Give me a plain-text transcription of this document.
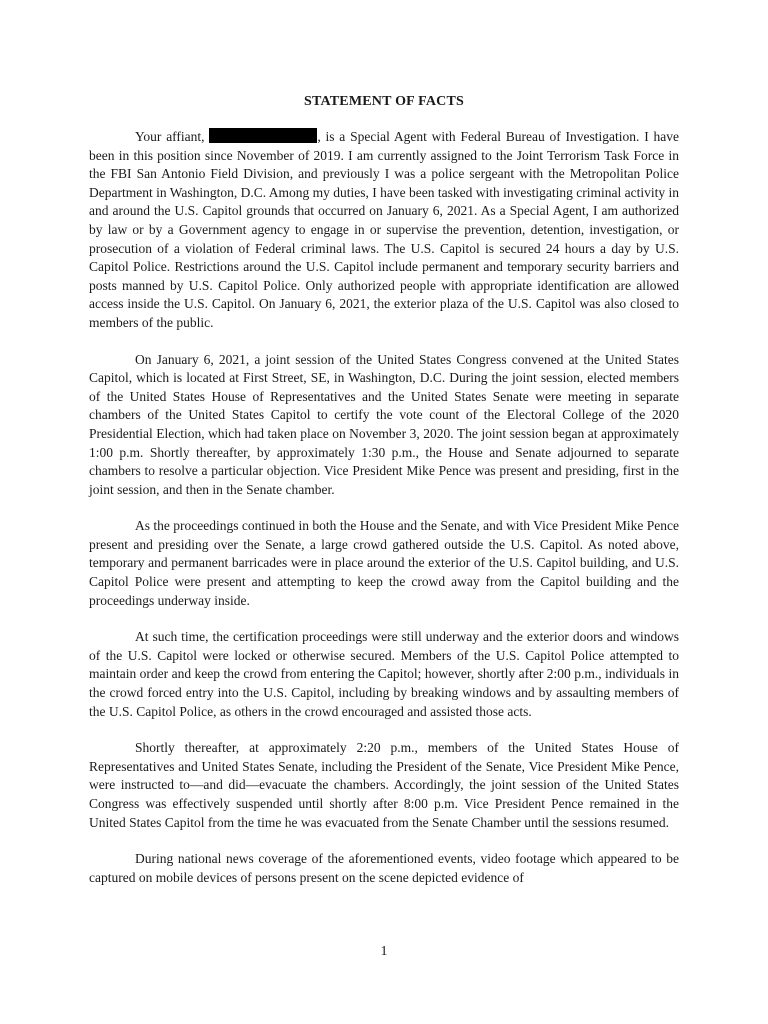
STATEMENT OF FACTS

Your affiant,	, is a Special Agent with Federal Bureau of Investigation. I have been in this position since November of 2019. I am currently assigned to the Joint Terrorism Task Force in the FBI San Antonio Field Division, and previously I was a police sergeant with the Metropolitan Police Department in Washington, D.C. Among my duties, I have been tasked with investigating criminal activity in and around the U.S. Capitol grounds that occurred on January 6, 2021. As a Special Agent, I am authorized by law or by a Government agency to engage in or supervise the prevention, detention, investigation, or prosecution of a violation of Federal criminal laws. The U.S. Capitol is secured 24 hours a day by U.S. Capitol Police. Restrictions around the U.S. Capitol include permanent and temporary security barriers and posts manned by U.S. Capitol Police. Only authorized people with appropriate identification are allowed access inside the U.S. Capitol. On January 6, 2021, the exterior plaza of the U.S. Capitol was also closed to members of the public.

On January 6, 2021, a joint session of the United States Congress convened at the United States Capitol, which is located at First Street, SE, in Washington, D.C. During the joint session, elected members of the United States House of Representatives and the United States Senate were meeting in separate chambers of the United States Capitol to certify the vote count of the Electoral College of the 2020 Presidential Election, which had taken place on November 3, 2020. The joint session began at approximately 1:00 p.m. Shortly thereafter, by approximately 1:30 p.m., the House and Senate adjourned to separate chambers to resolve a particular objection. Vice President Mike Pence was present and presiding, first in the joint session, and then in the Senate chamber.

As the proceedings continued in both the House and the Senate, and with Vice President Mike Pence present and presiding over the Senate, a large crowd gathered outside the U.S. Capitol. As noted above, temporary and permanent barricades were in place around the exterior of the U.S. Capitol building, and U.S. Capitol Police were present and attempting to keep the crowd away from the Capitol building and the proceedings underway inside.

At such time, the certification proceedings were still underway and the exterior doors and windows of the U.S. Capitol were locked or otherwise secured. Members of the U.S. Capitol Police attempted to maintain order and keep the crowd from entering the Capitol; however, shortly after 2:00 p.m., individuals in the crowd forced entry into the U.S. Capitol, including by breaking windows and by assaulting members of the U.S. Capitol Police, as others in the crowd encouraged and assisted those acts.

Shortly thereafter, at approximately 2:20 p.m., members of the United States House of Representatives and United States Senate, including the President of the Senate, Vice President Mike Pence, were instructed to—and did—evacuate the chambers. Accordingly, the joint session of the United States Congress was effectively suspended until shortly after 8:00 p.m. Vice President Pence remained in the United States Capitol from the time he was evacuated from the Senate Chamber until the sessions resumed.

During national news coverage of the aforementioned events, video footage which appeared to be captured on mobile devices of persons present on the scene depicted evidence of

1
